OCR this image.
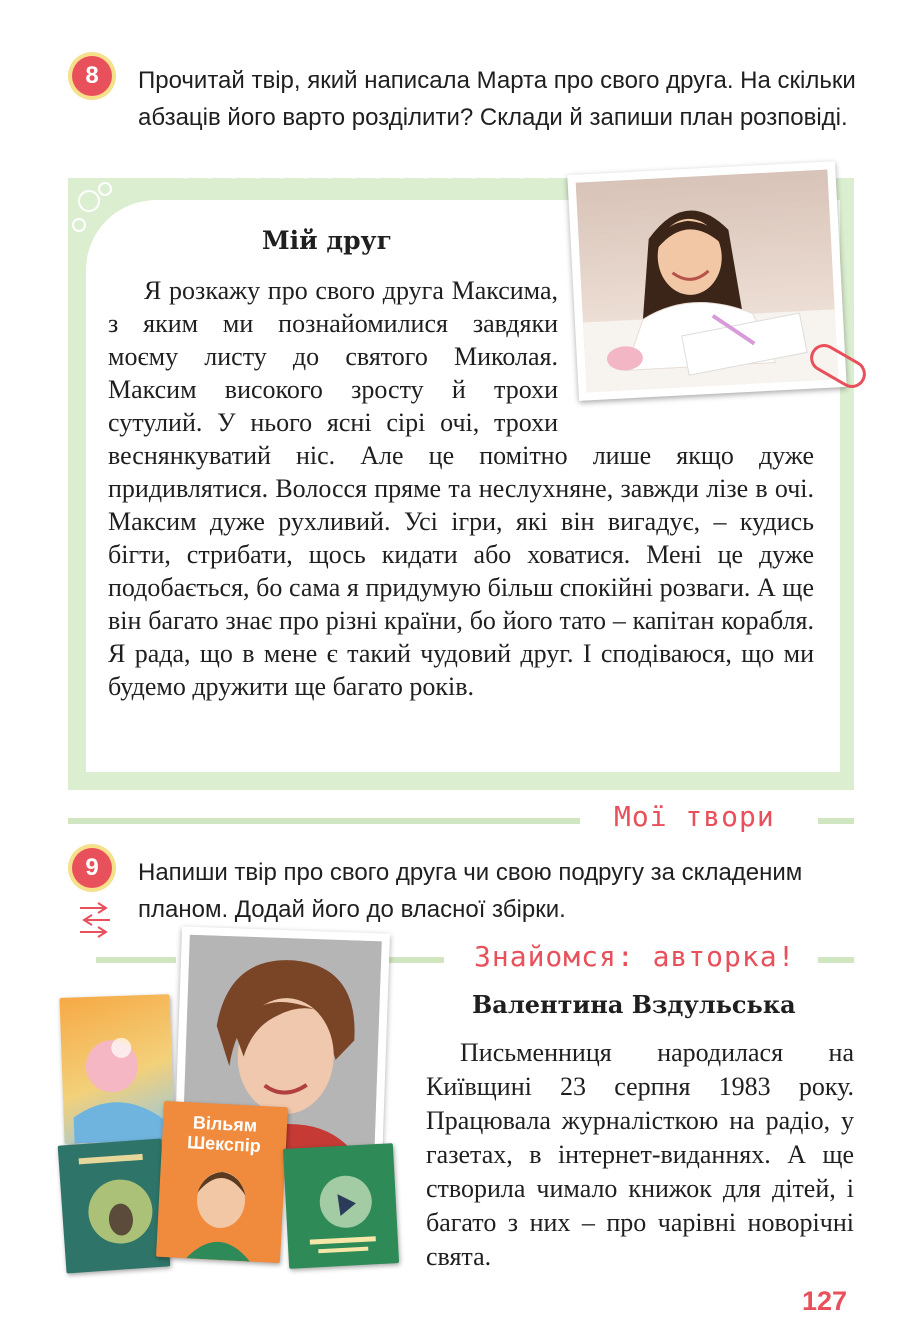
8	Прочитай твір, який написала Марта про свого друга. На скільки абзаців його варто розділити? Склади й запиши план розповіді.
Мій друг

Я розкажу про свого друга Максима, з яким ми познайомилися завдяки моєму листу до святого Миколая. Максим високого зросту й трохи сутулий. У нього ясні сірі очі, трохи веснянкуватий ніс. Але це помітно лише якщо дуже придивлятися. Волосся пряме та неслухняне, завжди лізе в очі. Максим дуже рухливий. Усі ігри, які він вигадує, – кудись бігти, стрибати, щось кидати або ховатися. Мені це дуже подобається, бо сама я придумую більш спокійні розваги. А ще він багато знає про різні країни, бо його тато – капітан корабля. Я рада, що в мене є такий чудовий друг. І сподіваюся, що ми будемо дружити ще багато років.

Мої твори
9	Напиши твір про свого друга чи свою подругу за складеним планом. Додай його до власної збірки.
Знайомся: авторка!
Вільям Шекспір
Валентина Вздульська

Письменниця народилася на Київщині 23 серпня 1983 року. Працювала журналісткою на радіо, у газетах, в інтернет-виданнях. А ще створила чимало книжок для дітей, і багато з них – про чарівні новорічні свята.

127
